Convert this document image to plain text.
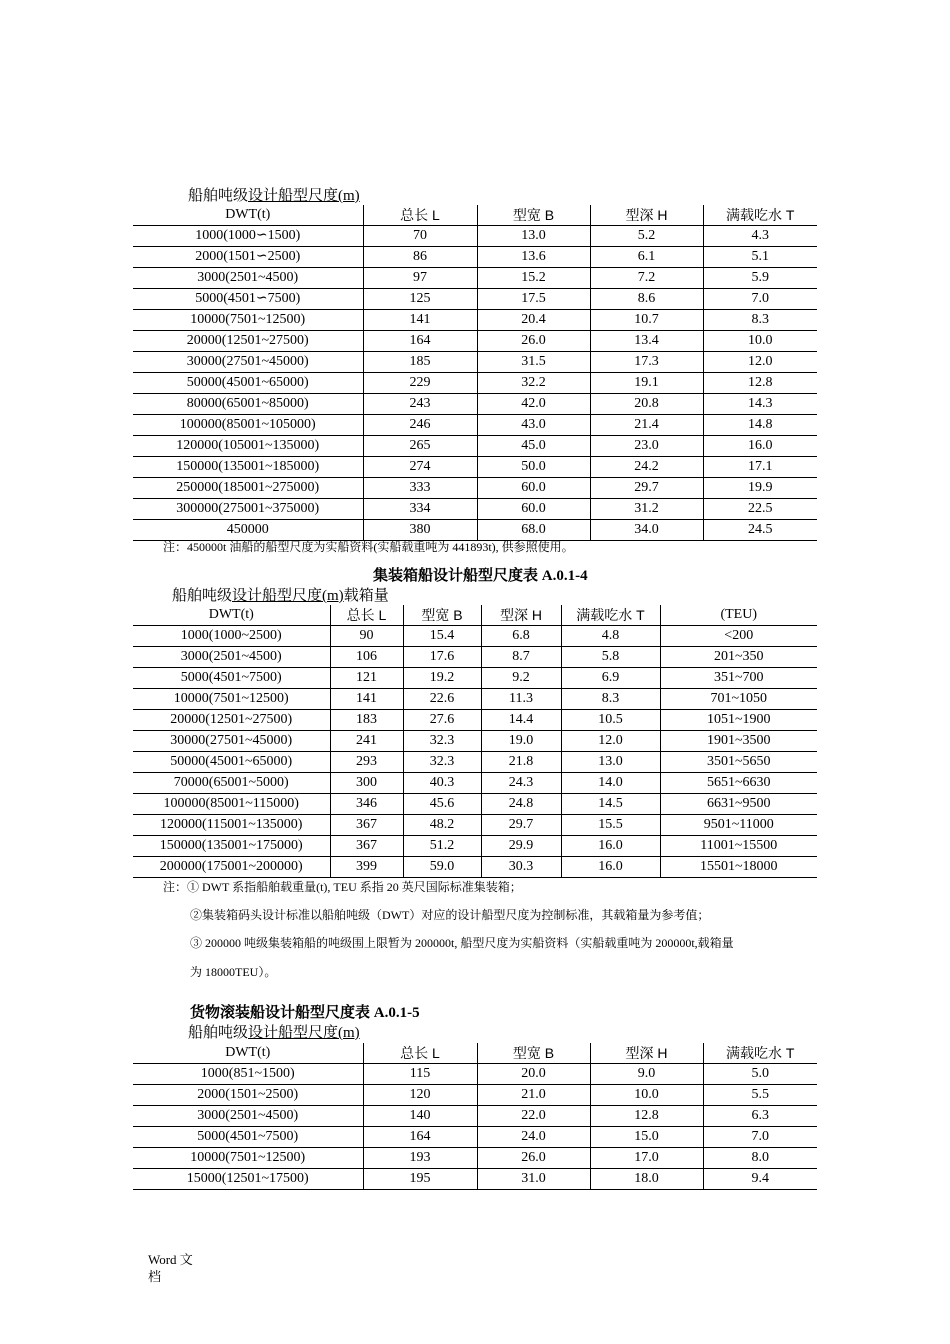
船舶吨级设计船型尺度(m)
DWT(t)	总长 L	型宽 B	型深 H	满载吃水 T
1000(1000∽1500)	70	13.0	5.2	4.3
2000(1501∽2500)	86	13.6	6.1	5.1
3000(2501~4500)	97	15.2	7.2	5.9
5000(4501∽7500)	125	17.5	8.6	7.0
10000(7501~12500)	141	20.4	10.7	8.3
20000(12501~27500)	164	26.0	13.4	10.0
30000(27501~45000)	185	31.5	17.3	12.0
50000(45001~65000)	229	32.2	19.1	12.8
80000(65001~85000)	243	42.0	20.8	14.3
100000(85001~105000)	246	43.0	21.4	14.8
120000(105001~135000)	265	45.0	23.0	16.0
150000(135001~185000)	274	50.0	24.2	17.1
250000(185001~275000)	333	60.0	29.7	19.9
300000(275001~375000)	334	60.0	31.2	22.5
450000	380	68.0	34.0	24.5
注：450000t 油船的船型尺度为实船资料(实船载重吨为 441893t), 供参照使用。
集装箱船设计船型尺度表 A.0.1-4
船舶吨级设计船型尺度(m)载箱量
DWT(t)	总长 L	型宽 B	型深 H	满载吃水 T	(TEU)
1000(1000~2500)	90	15.4	6.8	4.8	<200
3000(2501~4500)	106	17.6	8.7	5.8	201~350
5000(4501~7500)	121	19.2	9.2	6.9	351~700
10000(7501~12500)	141	22.6	11.3	8.3	701~1050
20000(12501~27500)	183	27.6	14.4	10.5	1051~1900
30000(27501~45000)	241	32.3	19.0	12.0	1901~3500
50000(45001~65000)	293	32.3	21.8	13.0	3501~5650
70000(65001~5000)	300	40.3	24.3	14.0	5651~6630
100000(85001~115000)	346	45.6	24.8	14.5	6631~9500
120000(115001~135000)	367	48.2	29.7	15.5	9501~11000
150000(135001~175000)	367	51.2	29.9	16.0	11001~15500
200000(175001~200000)	399	59.0	30.3	16.0	15501~18000
注：① DWT 系指船舶载重量(t), TEU 系指 20 英尺国际标准集装箱；
②集装箱码头设计标准以船舶吨级（DWT）对应的设计船型尺度为控制标准，其载箱量为参考值；
③ 200000 吨级集装箱船的吨级围上限暂为 200000t, 船型尺度为实船资料（实船载重吨为 200000t,载箱量
为 18000TEU）。
货物滚装船设计船型尺度表 A.0.1-5
船舶吨级设计船型尺度(m)
DWT(t)	总长 L	型宽 B	型深 H	满载吃水 T
1000(851~1500)	115	20.0	9.0	5.0
2000(1501~2500)	120	21.0	10.0	5.5
3000(2501~4500)	140	22.0	12.8	6.3
5000(4501~7500)	164	24.0	15.0	7.0
10000(7501~12500)	193	26.0	17.0	8.0
15000(12501~17500)	195	31.0	18.0	9.4
Word 文
档
